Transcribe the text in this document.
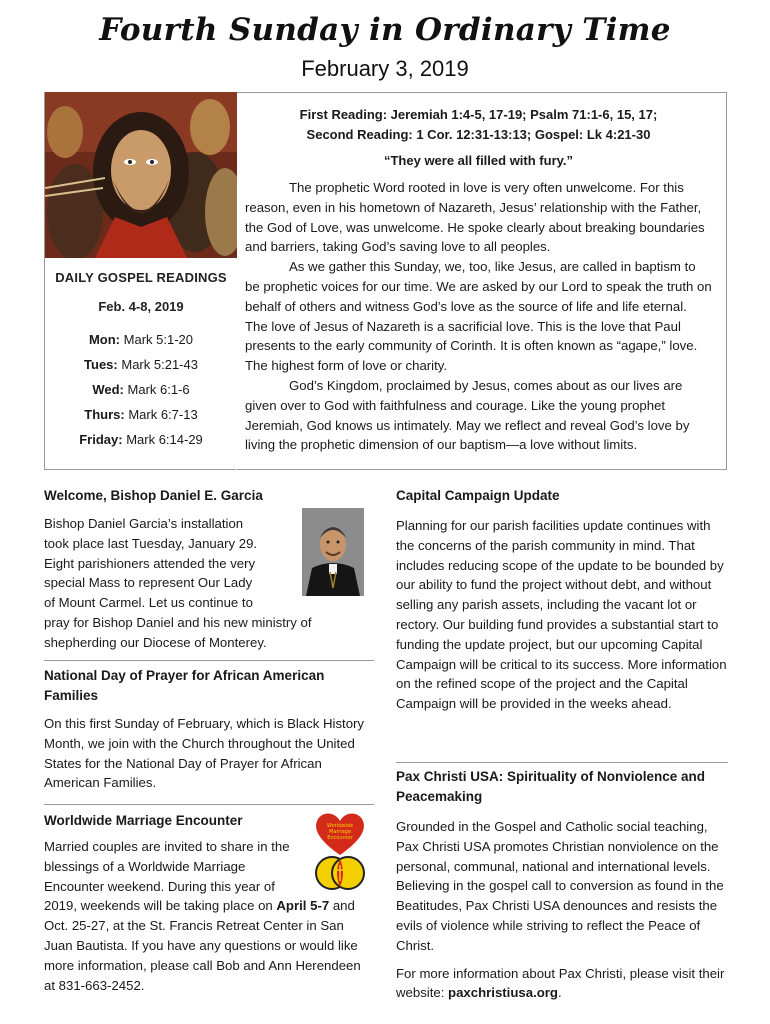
Fourth Sunday in Ordinary Time
February 3, 2019
DAILY GOSPEL READINGS
Feb. 4-8, 2019
Mon: Mark 5:1-20
Tues: Mark 5:21-43
Wed: Mark 6:1-6
Thurs: Mark 6:7-13
Friday: Mark 6:14-29
First Reading: Jeremiah 1:4-5, 17-19; Psalm 71:1-6, 15, 17;
Second Reading: 1 Cor. 12:31-13:13; Gospel: Lk 4:21-30
“They were all filled with fury.”

The prophetic Word rooted in love is very often unwelcome. For this reason, even in his hometown of Nazareth, Jesus’ relationship with the Father, the God of Love, was unwelcome. He spoke clearly about breaking boundaries and barriers, taking God’s saving love to all peoples.

As we gather this Sunday, we, too, like Jesus, are called in baptism to be prophetic voices for our time. We are asked by our Lord to speak the truth on behalf of others and witness God’s love as the source of life and life eternal. The love of Jesus of Nazareth is a sacrificial love. This is the love that Paul presents to the early community of Corinth. It is often known as “agape,” love. The highest form of love or charity.

God’s Kingdom, proclaimed by Jesus, comes about as our lives are given over to God with faithfulness and courage. Like the young prophet Jeremiah, God knows us intimately. May we reflect and reveal God’s love by living the prophetic dimension of our baptism—a love without limits.

Welcome, Bishop Daniel E. Garcia
Bishop Daniel Garcia’s installation took place last Tuesday, January 29. Eight parishioners attended the very special Mass to represent Our Lady of Mount Carmel. Let us continue to pray for Bishop Daniel and his new ministry of shepherding our Diocese of Monterey.
National Day of Prayer for African American Families
On this first Sunday of February, which is Black History Month, we join with the Church throughout the United States for the National Day of Prayer for African American Families.
Worldwide Marriage Encounter	Worldwide
Marriage
Encounter
Married couples are invited to share in the blessings of a Worldwide Marriage Encounter weekend. During this year of 2019, weekends will be taking place on April 5-7 and Oct. 25-27, at the St. Francis Retreat Center in San Juan Bautista. If you have any questions or would like more information, please call Bob and Ann Herendeen at 831-663-2452.
Capital Campaign Update
Planning for our parish facilities update continues with the concerns of the parish community in mind. That includes reducing scope of the update to be bounded by our ability to fund the project without debt, and without selling any parish assets, including the vacant lot or rectory. Our building fund provides a substantial start to funding the update project, but our upcoming Capital Campaign will be critical to its success. More information on the refined scope of the project and the Capital Campaign will be provided in the weeks ahead.
Pax Christi USA: Spirituality of Nonviolence and Peacemaking
Grounded in the Gospel and Catholic social teaching, Pax Christi USA promotes Christian nonviolence on the personal, communal, national and international levels. Believing in the gospel call to conversion as found in the Beatitudes, Pax Christi USA denounces and resists the evils of violence while striving to reflect the Peace of Christ.
For more information about Pax Christi, please visit their website: paxchristiusa.org.
